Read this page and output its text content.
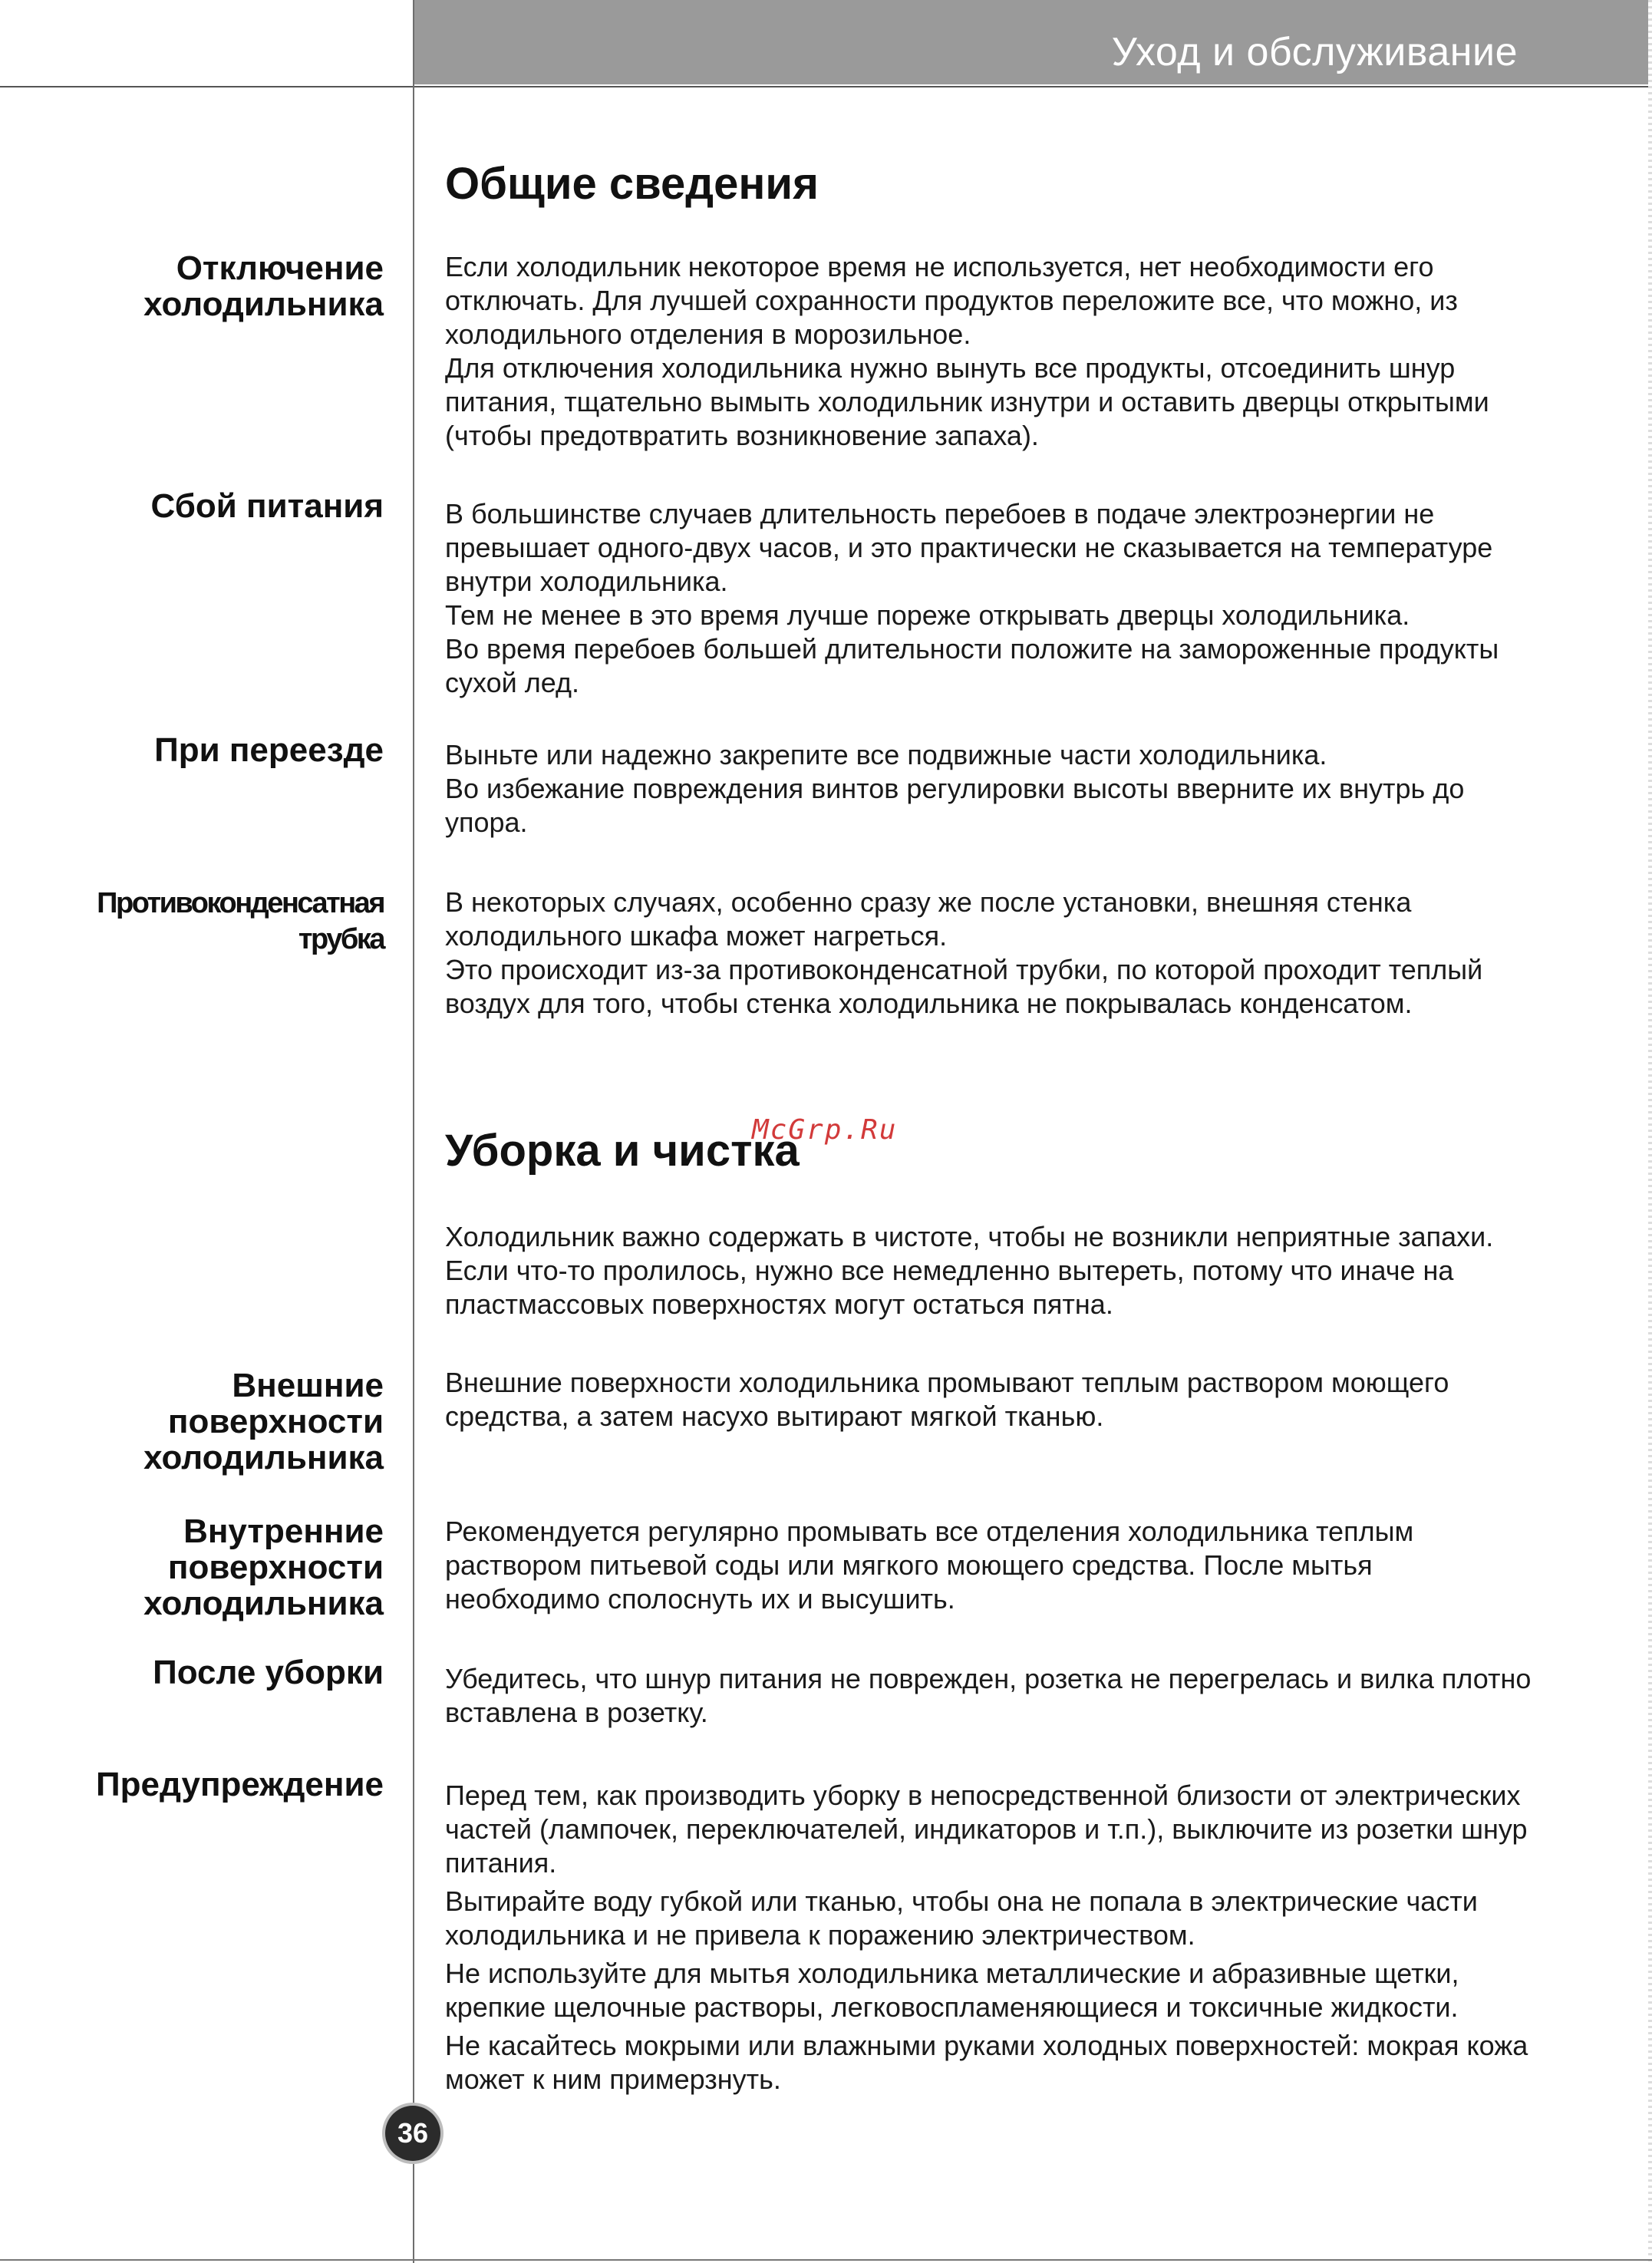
Уход и обслуживание
Общие сведения
Отключение холодильника

Если холодильник некоторое время не используется, нет необходимости его отключать. Для лучшей сохранности продуктов переложите все, что можно, из холодильного отделения в морозильное.

Для отключения холодильника нужно вынуть все продукты, отсоединить шнур питания, тщательно вымыть холодильник изнутри и оставить дверцы открытыми (чтобы предотвратить возникновение запаха).

Сбой питания В большинстве случаев длительность перебоев в подаче электроэнергии не превышает одного-двух часов, и это практически не сказывается на температуре внутри холодильника.

Тем не менее в это время лучше пореже открывать дверцы холодильника.

Во время перебоев большей длительности положите на замороженные продукты сухой лед.

При переезде Выньте или надежно закрепите все подвижные части холодильника.

Во избежание повреждения винтов регулировки высоты вверните их внутрь до упора.

Противоконденсатная трубка

В некоторых случаях, особенно сразу же после установки, внешняя стенка холодильного шкафа может нагреться.

Это происходит из-за противоконденсатной трубки, по которой проходит теплый воздух для того, чтобы стенка холодильника не покрывалась конденсатом.

Уборка и чистка
McGrp.Ru

Холодильник важно содержать в чистоте, чтобы не возникли неприятные запахи. Если что-то пролилось, нужно все немедленно вытереть, потому что иначе на пластмассовых поверхностях могут остаться пятна.

Внешние поверхности холодильника

Внешние поверхности холодильника промывают теплым раствором моющего средства, а затем насухо вытирают мягкой тканью.

Внутренние поверхности холодильника

Рекомендуется регулярно промывать все отделения холодильника теплым раствором питьевой соды или мягкого моющего средства. После мытья необходимо сполоснуть их и высушить.

После уборки Убедитесь, что шнур питания не поврежден, розетка не перегрелась и вилка плотно вставлена в розетку.

Предупреждение Перед тем, как производить уборку в непосредственной близости от электрических частей (лампочек, переключателей, индикаторов и т.п.), выключите из розетки шнур питания.

Вытирайте воду губкой или тканью, чтобы она не попала в электрические части холодильника и не привела к поражению электричеством.

Не используйте для мытья холодильника металлические и абразивные щетки, крепкие щелочные растворы, легковоспламеняющиеся и токсичные жидкости.

Не касайтесь мокрыми или влажными руками холодных поверхностей: мокрая кожа может к ним примерзнуть.

36
